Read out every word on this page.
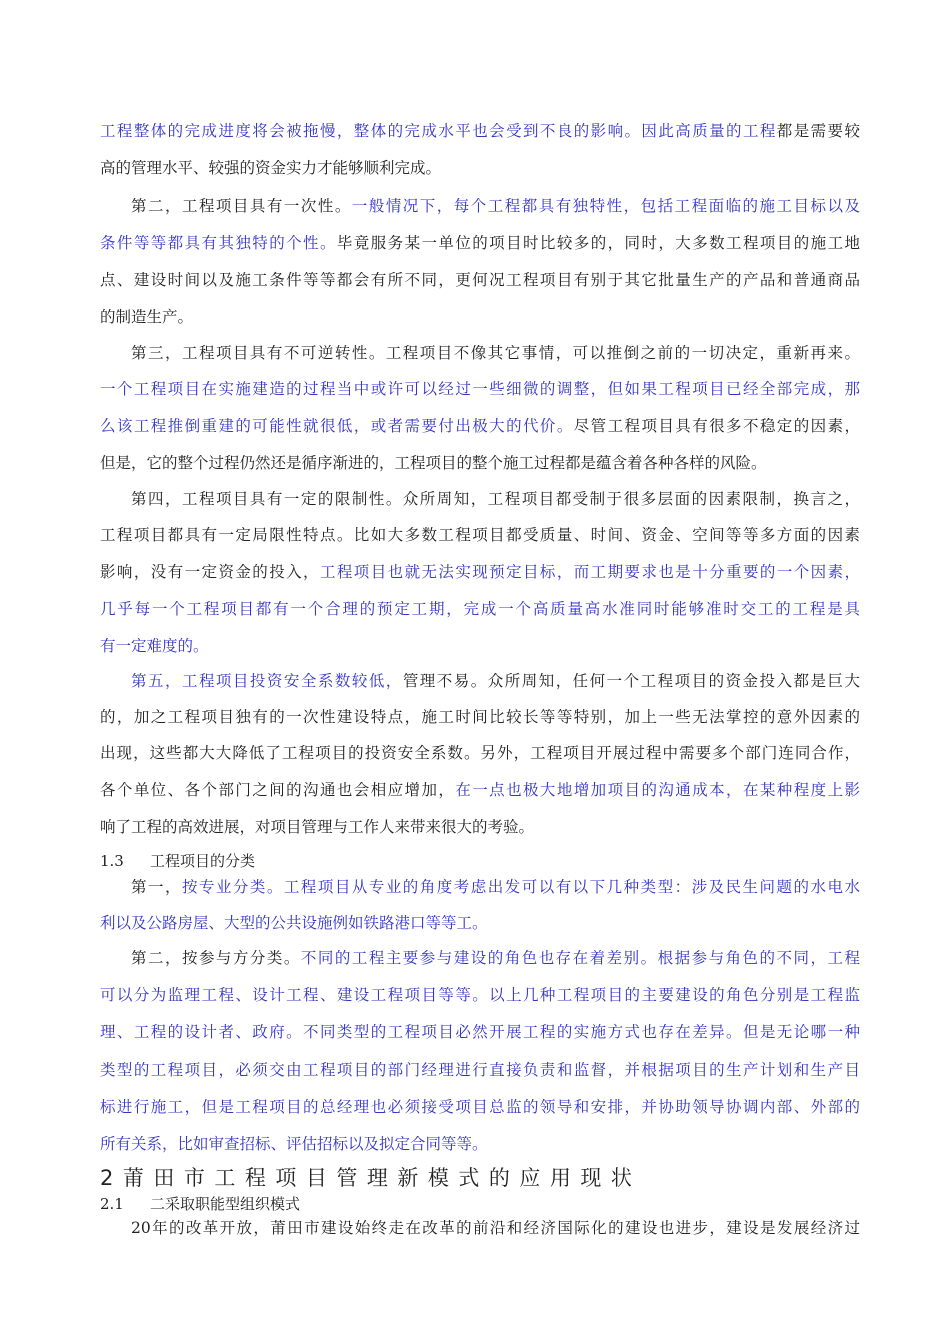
工程整体的完成进度将会被拖慢，整体的完成水平也会受到不良的影响。因此高质量的工程都是需要较
高的管理水平、较强的资金实力才能够顺利完成。
第二，工程项目具有一次性。一般情况下，每个工程都具有独特性，包括工程面临的施工目标以及
条件等等都具有其独特的个性。毕竟服务某一单位的项目时比较多的，同时，大多数工程项目的施工地
点、建设时间以及施工条件等等都会有所不同，更何况工程项目有别于其它批量生产的产品和普通商品
的制造生产。
第三，工程项目具有不可逆转性。工程项目不像其它事情，可以推倒之前的一切决定，重新再来。
一个工程项目在实施建造的过程当中或许可以经过一些细微的调整，但如果工程项目已经全部完成，那
么该工程推倒重建的可能性就很低，或者需要付出极大的代价。尽管工程项目具有很多不稳定的因素，
但是，它的整个过程仍然还是循序渐进的，工程项目的整个施工过程都是蕴含着各种各样的风险。
第四，工程项目具有一定的限制性。众所周知，工程项目都受制于很多层面的因素限制，换言之，
工程项目都具有一定局限性特点。比如大多数工程项目都受质量、时间、资金、空间等等多方面的因素
影响，没有一定资金的投入，工程项目也就无法实现预定目标，而工期要求也是十分重要的一个因素，
几乎每一个工程项目都有一个合理的预定工期，完成一个高质量高水准同时能够准时交工的工程是具
有一定难度的。
第五，工程项目投资安全系数较低，管理不易。众所周知，任何一个工程项目的资金投入都是巨大
的，加之工程项目独有的一次性建设特点，施工时间比较长等等特别，加上一些无法掌控的意外因素的
出现，这些都大大降低了工程项目的投资安全系数。另外，工程项目开展过程中需要多个部门连同合作，
各个单位、各个部门之间的沟通也会相应增加，在一点也极大地增加项目的沟通成本，在某种程度上影
响了工程的高效进展，对项目管理与工作人来带来很大的考验。
1.3 工程项目的分类
第一，按专业分类。工程项目从专业的角度考虑出发可以有以下几种类型：涉及民生问题的水电水
利以及公路房屋、大型的公共设施例如铁路港口等等工。
第二，按参与方分类。不同的工程主要参与建设的角色也存在着差别。根据参与角色的不同，工程
可以分为监理工程、设计工程、建设工程项目等等。以上几种工程项目的主要建设的角色分别是工程监
理、工程的设计者、政府。不同类型的工程项目必然开展工程的实施方式也存在差异。但是无论哪一种
类型的工程项目，必须交由工程项目的部门经理进行直接负责和监督，并根据项目的生产计划和生产目
标进行施工，但是工程项目的总经理也必须接受项目总监的领导和安排，并协助领导协调内部、外部的
所有关系，比如审查招标、评估招标以及拟定合同等等。
2莆田市工程项目管理新模式的应用现状
2.1 二采取职能型组织模式
20年的改革开放，莆田市建设始终走在改革的前沿和经济国际化的建设也进步，建设是发展经济过
